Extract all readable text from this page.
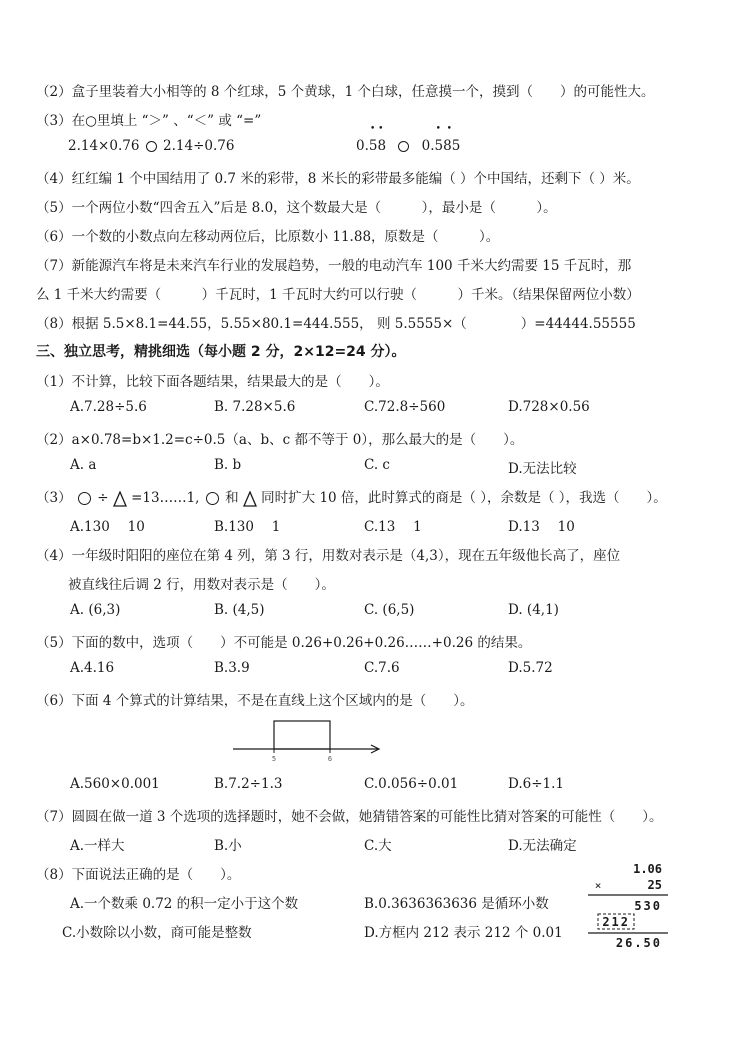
（2）盒子里装着大小相等的 8 个红球，5 个黄球，1 个白球，任意摸一个，摸到（　　）的可能性大。
（3）在○里填上 “＞” 、“＜” 或 “=”
2.14×0.76 2.14÷0.76	0.58
• •
0.585
•  •
（4）红红编 1 个中国结用了 0.7 米的彩带，8 米长的彩带最多能编（ ）个中国结，还剩下（ ）米。
（5）一个两位小数“四舍五入”后是 8.0，这个数最大是（　　　），最小是（　　　）。
（6）一个数的小数点向左移动两位后，比原数小 11.88，原数是（　　　）。
（7）新能源汽车将是未来汽车行业的发展趋势，一般的电动汽车 100 千米大约需要 15 千瓦时，那
么 1 千米大约需要（　　　）千瓦时，1 千瓦时大约可以行驶（　　　）千米。（结果保留两位小数）
（8）根据 5.5×8.1=44.55，5.55×80.1=444.555， 则 5.5555×（　　　　）=44444.55555
三、独立思考，精挑细选（每小题 2 分，2×12=24 分）。
（1）不计算，比较下面各题结果，结果最大的是（　　）。
A.7.28÷5.6	B. 7.28×5.6	C.72.8÷560	D.728×0.56
（2）a×0.78=b×1.2=c÷0.5（a、b、c 都不等于 0），那么最大的是（　　）。
A. a	B. b	C. c	D.无法比较
（3） ÷ =13……1, 和  同时扩大 10 倍，此时算式的商是（ ），余数是（ ），我选（　　）。
A.130　 10	B.130　 1	C.13　 1	D.13　 10
（4）一年级时阳阳的座位在第 4 列，第 3 行，用数对表示是（4,3），现在五年级他长高了，座位
被直线往后调 2 行，用数对表示是（　　）。
A. (6,3)	B. (4,5)	C. (6,5)	D. (4,1)
（5）下面的数中，选项（　　）不可能是 0.26+0.26+0.26……+0.26 的结果。
A.4.16	B.3.9	C.7.6	D.5.72
（6）下面 4 个算式的计算结果，不是在直线上这个区域内的是（　　）。
5	6
A.560×0.001	B.7.2÷1.3	C.0.056÷0.01	D.6÷1.1
（7）圆圆在做一道 3 个选项的选择题时，她不会做，她猜错答案的可能性比猜对答案的可能性（　　）。
A.一样大	B.小	C.大	D.无法确定
（8）下面说法正确的是（　　）。
A.一个数乘 0.72 的积一定小于这个数	B.0.3636363636 是循环小数
C.小数除以小数，商可能是整数	D.方框内 212 表示 212 个 0.01
1.06
×	25
530
212
26.50
